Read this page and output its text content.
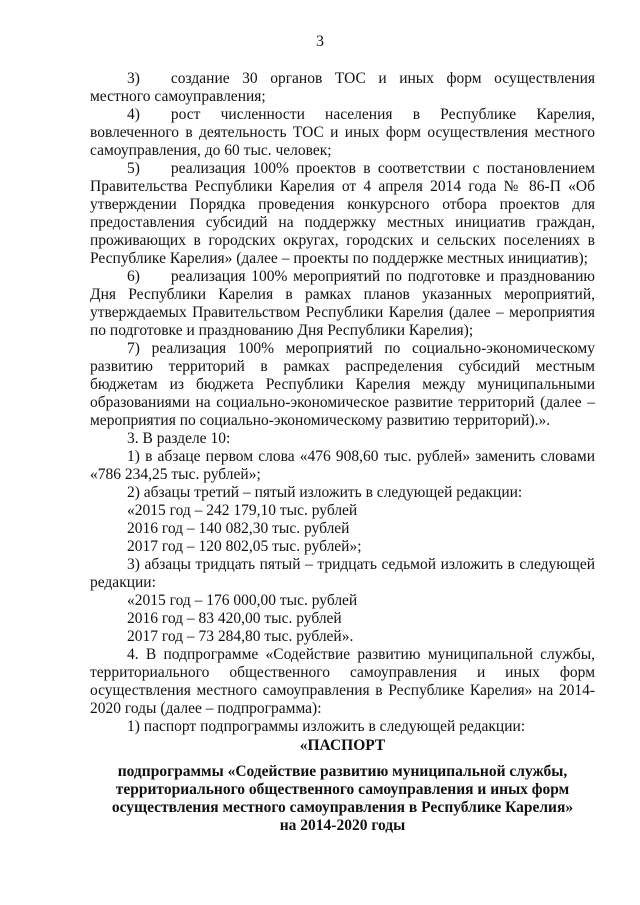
3

3)  создание 30 органов ТОС и иных форм осуществления местного самоуправления;

4)  рост численности населения в Республике Карелия, вовлеченного в деятельность ТОС и иных форм осуществления местного самоуправления, до 60 тыс. человек;

5)  реализация 100% проектов в соответствии с постановлением Правительства Республики Карелия от 4 апреля 2014 года № 86-П «Об утверждении Порядка проведения конкурсного отбора проектов для предоставления субсидий на поддержку местных инициатив граждан, проживающих в городских округах, городских и сельских поселениях в Республике Карелия» (далее – проекты по поддержке местных инициатив);

6)  реализация 100% мероприятий по подготовке и празднованию Дня Республики Карелия в рамках планов указанных мероприятий, утверждаемых Правительством Республики Карелия (далее – мероприятия по подготовке и празднованию Дня Республики Карелия);

7) реализация 100% мероприятий по социально-экономическому развитию территорий в рамках распределения субсидий местным бюджетам из бюджета Республики Карелия между муниципальными образованиями на социально-экономическое развитие территорий (далее – мероприятия по социально-экономическому развитию территорий).».

3. В разделе 10:

1) в абзаце первом слова «476 908,60 тыс. рублей» заменить словами «786 234,25 тыс. рублей»;

2) абзацы третий – пятый изложить в следующей редакции:

«2015 год – 242 179,10 тыс. рублей

2016 год – 140 082,30 тыс. рублей

2017 год – 120 802,05 тыс. рублей»;

3) абзацы тридцать пятый – тридцать седьмой изложить в следующей редакции:

«2015 год – 176 000,00 тыс. рублей

2016 год – 83 420,00 тыс. рублей

2017 год – 73 284,80 тыс. рублей».

4. В подпрограмме «Содействие развитию муниципальной службы, территориального общественного самоуправления и иных форм осуществления местного самоуправления в Республике Карелия» на 2014-2020 годы (далее – подпрограмма):

1) паспорт подпрограммы изложить в следующей редакции:

«ПАСПОРТ
подпрограммы «Содействие развитию муниципальной службы,
территориального общественного самоуправления и иных форм
осуществления местного самоуправления в Республике Карелия»
на 2014-2020 годы
